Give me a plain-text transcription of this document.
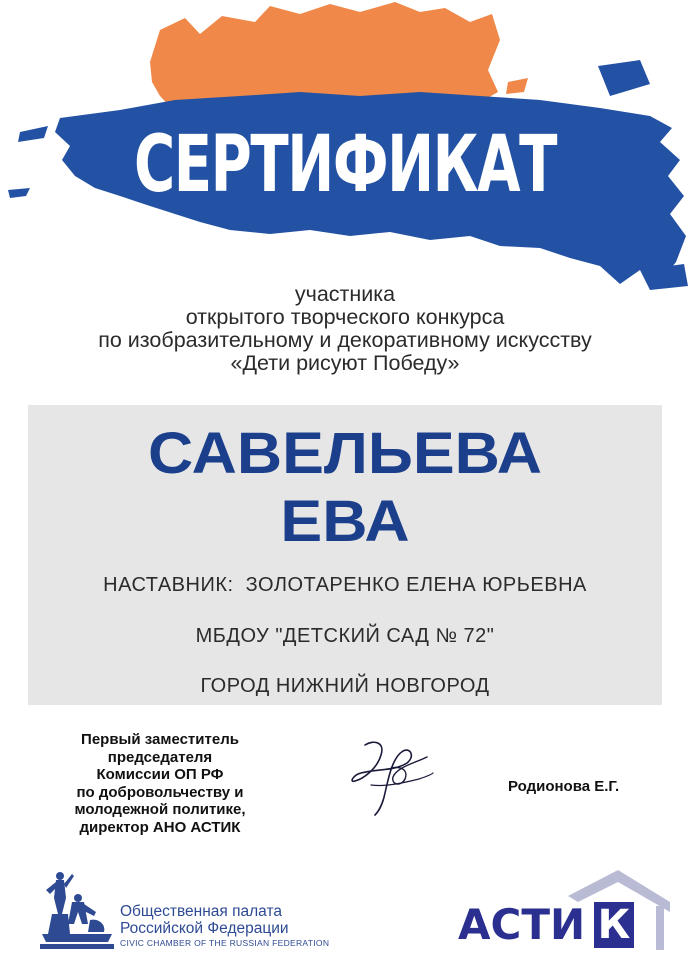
СЕРТИФИКАТ
участника
открытого творческого конкурса
по изобразительному и декоративному искусству
«Дети рисуют Победу»
САВЕЛЬЕВА
ЕВА
НАСТАВНИК: ЗОЛОТАРЕНКО ЕЛЕНА ЮРЬЕВНА
МБДОУ "ДЕТСКИЙ САД № 72"
ГОРОД НИЖНИЙ НОВГОРОД
Первый заместитель
председателя
Комиссии ОП РФ
по добровольчеству и
молодежной политике,
директор АНО АСТИК
Родионова Е.Г.
Общественная палата
Российской Федерации
CIVIC CHAMBER OF THE RUSSIAN FEDERATION	АСТИ К
